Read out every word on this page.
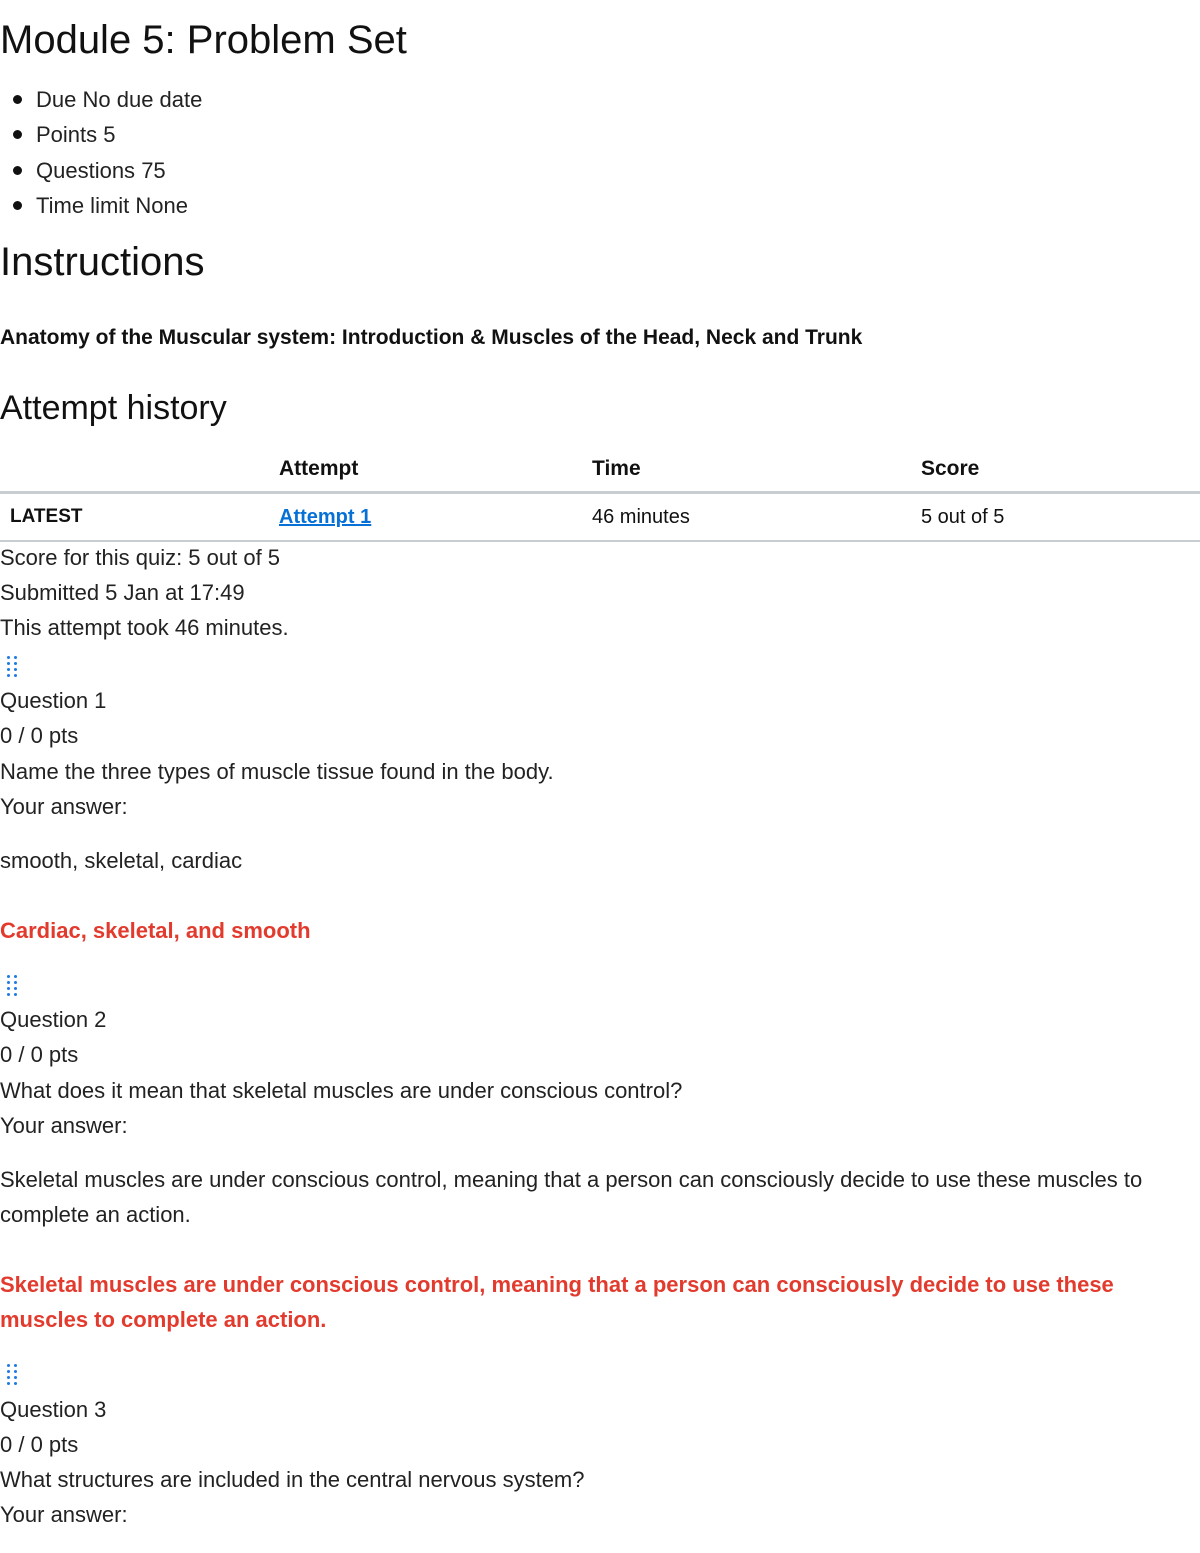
Module 5: Problem Set
Due No due date
Points 5
Questions 75
Time limit None
Instructions
Anatomy of the Muscular system: Introduction & Muscles of the Head, Neck and Trunk
Attempt history
	Attempt	Time	Score
LATEST	Attempt 1	46 minutes	5 out of 5
Score for this quiz: 5 out of 5
Submitted 5 Jan at 17:49
This attempt took 46 minutes.
Question 1
0 / 0 pts
Name the three types of muscle tissue found in the body.
Your answer:
smooth, skeletal, cardiac
Cardiac, skeletal, and smooth
Question 2
0 / 0 pts
What does it mean that skeletal muscles are under conscious control?
Your answer:
Skeletal muscles are under conscious control, meaning that a person can consciously decide to use these muscles to complete an action.
Skeletal muscles are under conscious control, meaning that a person can consciously decide to use these muscles to complete an action.
Question 3
0 / 0 pts
What structures are included in the central nervous system?
Your answer:
